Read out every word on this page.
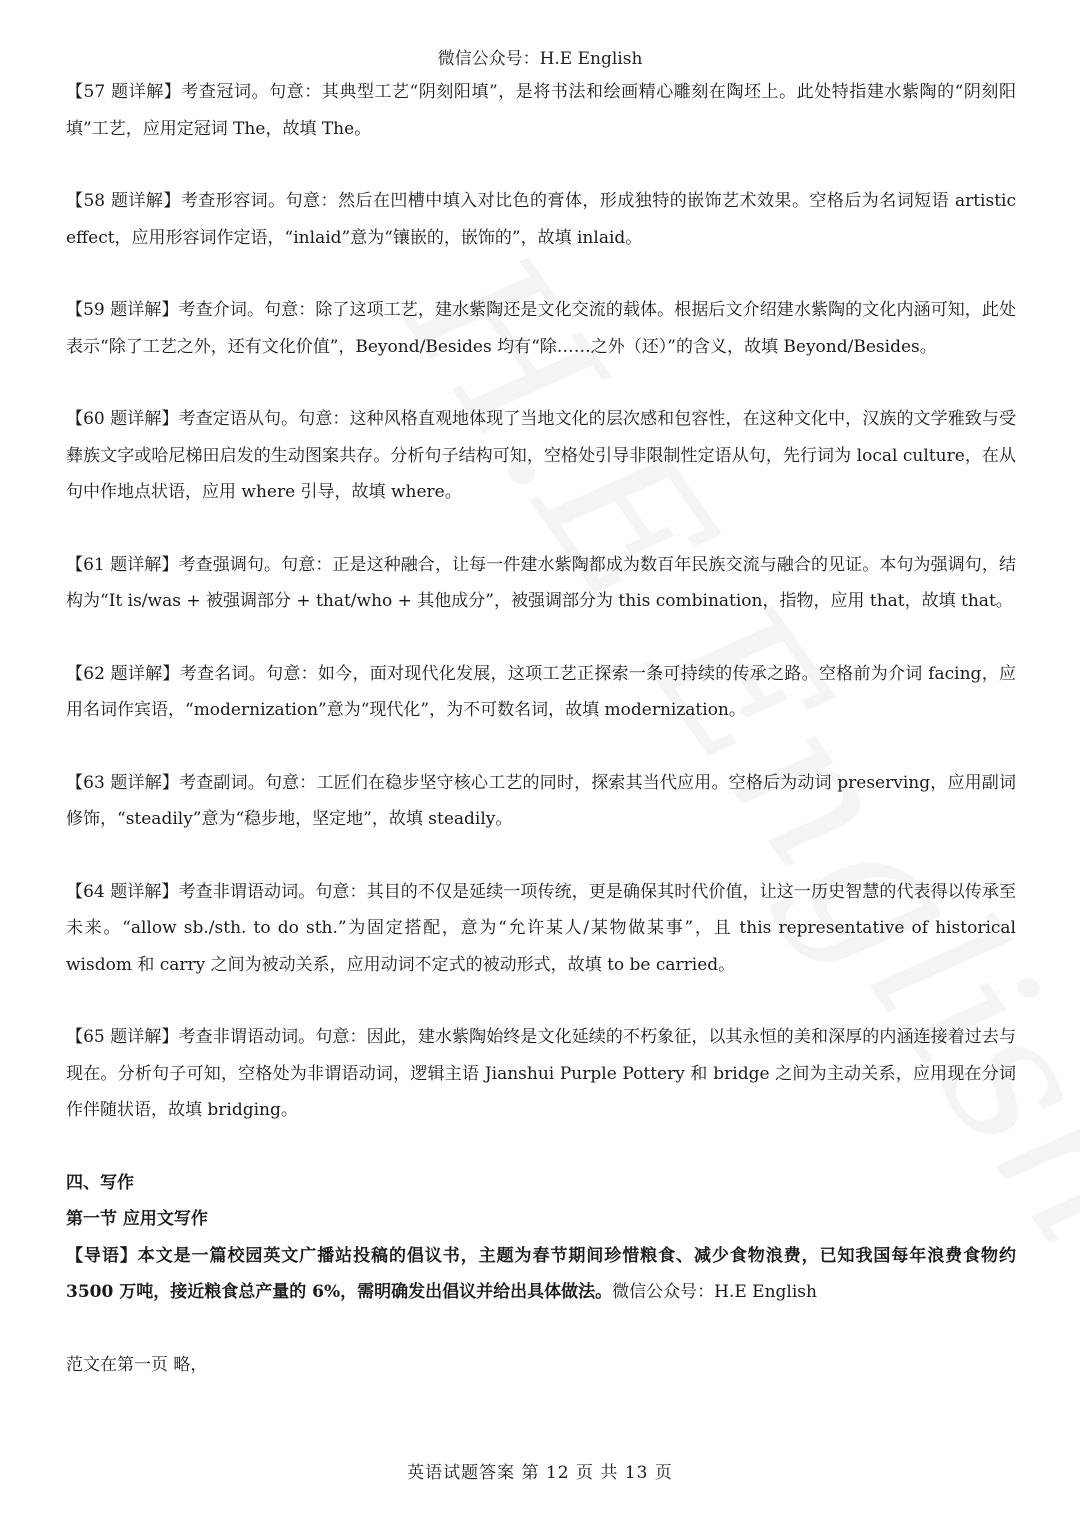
微信公众号：H.E English

【57 题详解】考查冠词。句意：其典型工艺“阴刻阳填”，是将书法和绘画精心雕刻在陶坯上。此处特指建水紫陶的“阴刻阳填”工艺，应用定冠词 The，故填 The。

【58 题详解】考查形容词。句意：然后在凹槽中填入对比色的膏体，形成独特的嵌饰艺术效果。空格后为名词短语 artistic effect，应用形容词作定语，“inlaid”意为“镶嵌的，嵌饰的”，故填 inlaid。

【59 题详解】考查介词。句意：除了这项工艺，建水紫陶还是文化交流的载体。根据后文介绍建水紫陶的文化内涵可知，此处表示“除了工艺之外，还有文化价值”，Beyond/Besides 均有“除……之外（还）”的含义，故填 Beyond/Besides。

【60 题详解】考查定语从句。句意：这种风格直观地体现了当地文化的层次感和包容性，在这种文化中，汉族的文学雅致与受彝族文字或哈尼梯田启发的生动图案共存。分析句子结构可知，空格处引导非限制性定语从句，先行词为 local culture，在从句中作地点状语，应用 where 引导，故填 where。

【61 题详解】考查强调句。句意：正是这种融合，让每一件建水紫陶都成为数百年民族交流与融合的见证。本句为强调句，结构为“It is/was + 被强调部分 + that/who + 其他成分”，被强调部分为 this combination，指物，应用 that，故填 that。

【62 题详解】考查名词。句意：如今，面对现代化发展，这项工艺正探索一条可持续的传承之路。空格前为介词 facing，应用名词作宾语，“modernization”意为“现代化”，为不可数名词，故填 modernization。

【63 题详解】考查副词。句意：工匠们在稳步坚守核心工艺的同时，探索其当代应用。空格后为动词 preserving，应用副词修饰，“steadily”意为“稳步地，坚定地”，故填 steadily。

【64 题详解】考查非谓语动词。句意：其目的不仅是延续一项传统，更是确保其时代价值，让这一历史智慧的代表得以传承至未来。“allow sb./sth. to do sth.”为固定搭配，意为“允许某人/某物做某事”，且 this representative of historical wisdom 和 carry 之间为被动关系，应用动词不定式的被动形式，故填 to be carried。

【65 题详解】考查非谓语动词。句意：因此，建水紫陶始终是文化延续的不朽象征，以其永恒的美和深厚的内涵连接着过去与现在。分析句子可知，空格处为非谓语动词，逻辑主语 Jianshui Purple Pottery 和 bridge 之间为主动关系，应用现在分词作伴随状语，故填 bridging。

四、写作

第一节 应用文写作

【导语】本文是一篇校园英文广播站投稿的倡议书，主题为春节期间珍惜粮食、减少食物浪费，已知我国每年浪费食物约 3500 万吨，接近粮食总产量的 6%，需明确发出倡议并给出具体做法。微信公众号：H.E English

范文在第一页 略，

英语试题答案 第 12 页 共 13 页
